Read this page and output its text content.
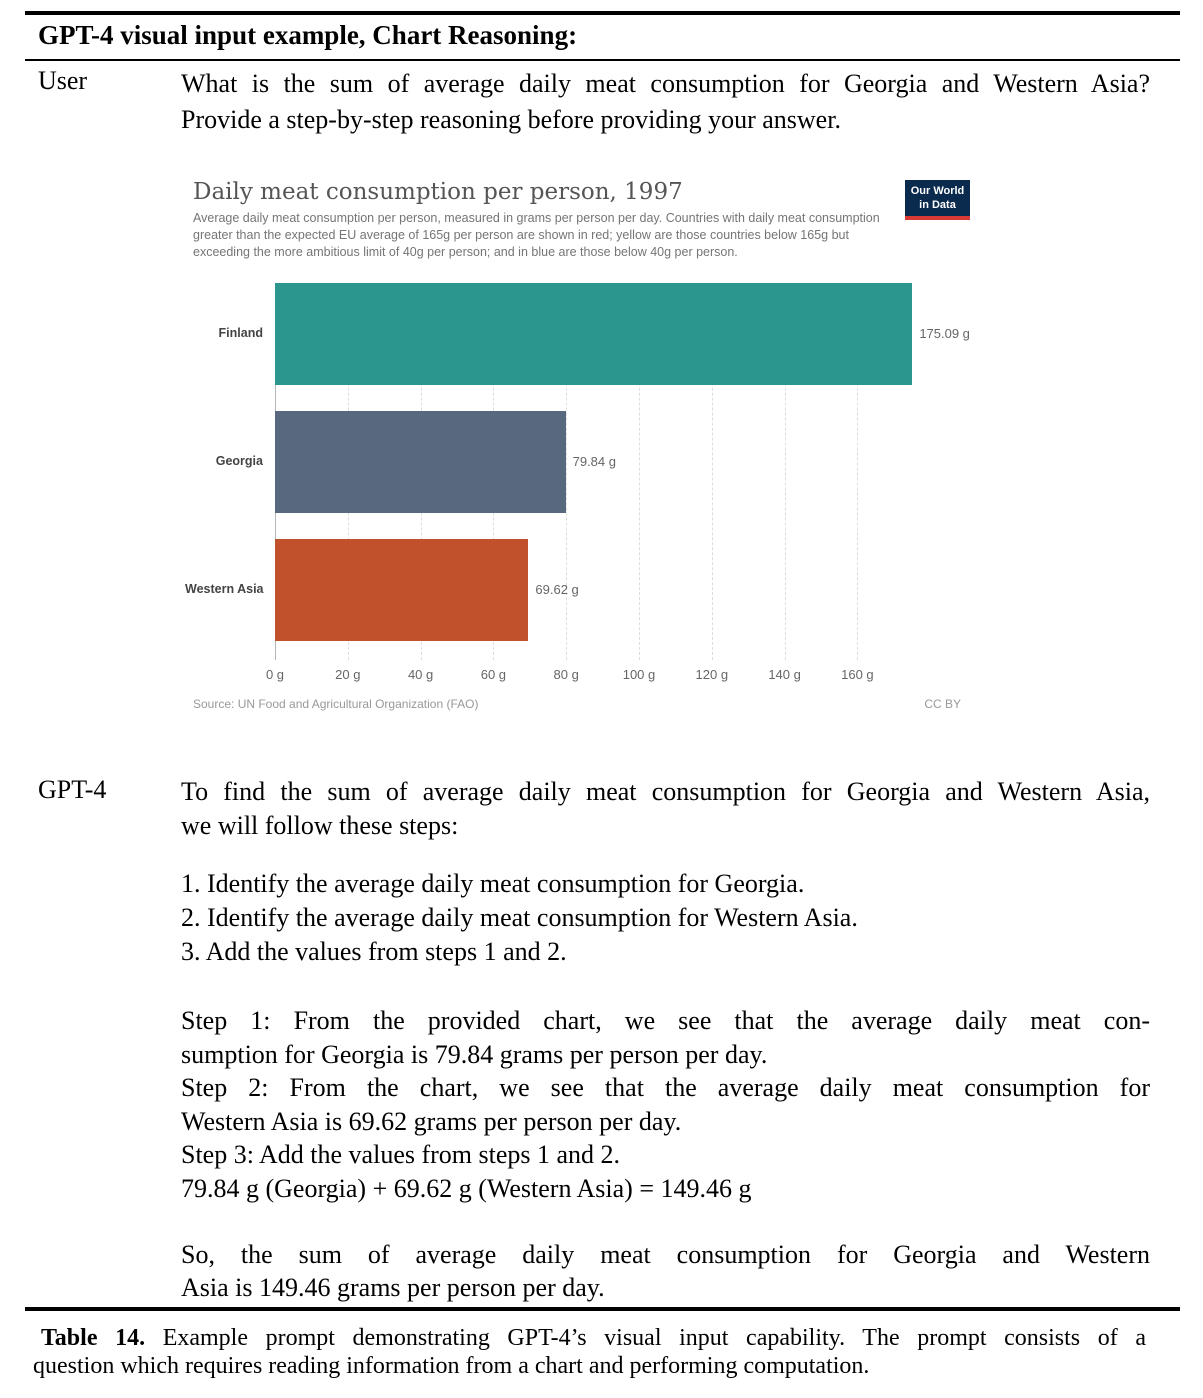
GPT-4 visual input example, Chart Reasoning:
User	What is the sum of average daily meat consumption for Georgia and Western Asia?
Provide a step-by-step reasoning before providing your answer.
Daily meat consumption per person, 1997
Average daily meat consumption per person, measured in grams per person per day. Countries with daily meat consumption greater than the expected EU average of 165g per person are shown in red; yellow are those countries below 165g but exceeding the more ambitious limit of 40g per person; and in blue are those below 40g per person.
Our World
in Data
Source: UN Food and Agricultural Organization (FAO)	CC BY
0 g	20 g	40 g	60 g	80 g	100 g	120 g	140 g	160 g
Finland	175.09 g
Georgia	79.84 g
Western Asia	69.62 g
GPT-4	To find the sum of average daily meat consumption for Georgia and Western Asia,
we will follow these steps:
1. Identify the average daily meat consumption for Georgia.
2. Identify the average daily meat consumption for Western Asia.
3. Add the values from steps 1 and 2.
Step 1: From the provided chart, we see that the average daily meat con-
sumption for Georgia is 79.84 grams per person per day.
Step 2: From the chart, we see that the average daily meat consumption for
Western Asia is 69.62 grams per person per day.
Step 3: Add the values from steps 1 and 2.
79.84 g (Georgia) + 69.62 g (Western Asia) = 149.46 g
So, the sum of average daily meat consumption for Georgia and Western
Asia is 149.46 grams per person per day.
Table 14. Example prompt demonstrating GPT-4’s visual input capability. The prompt consists of a
question which requires reading information from a chart and performing computation.
